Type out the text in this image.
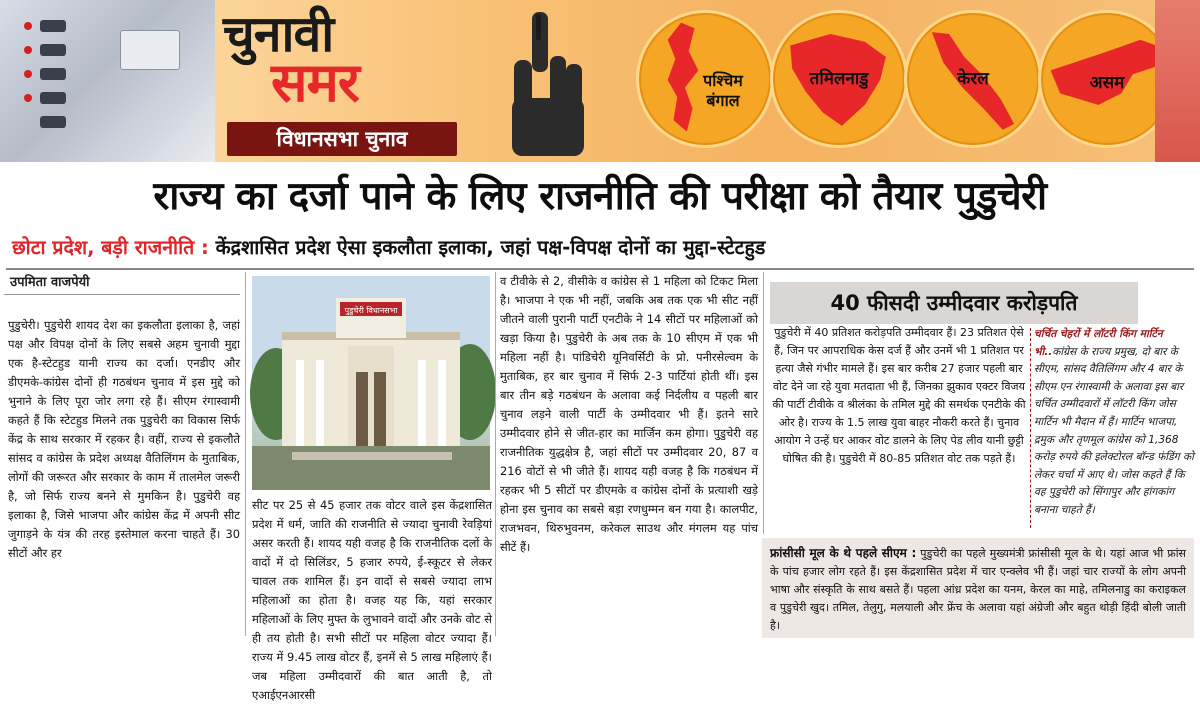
चुनावी
समर
विधानसभा चुनाव
पश्चिम
बंगाल
तमिलनाडु	केरल	असम
राज्य का दर्जा पाने के लिए राजनीति की परीक्षा को तैयार पुडुचेरी
छोटा प्रदेश, बड़ी राजनीति : केंद्रशासित प्रदेश ऐसा इकलौता इलाका, जहां पक्ष-विपक्ष दोनों का मुद्दा-स्टेटहुड
उपमिता वाजपेयी

पुडुचेरी। पुडुचेरी शायद देश का इकलौता इलाका है, जहां पक्ष और विपक्ष दोनों के लिए सबसे अहम चुनावी मुद्दा एक है-स्टेटहुड यानी राज्य का दर्जा। एनडीए और डीएमके-कांग्रेस दोनों ही गठबंधन चुनाव में इस मुद्दे को भुनाने के लिए पूरा जोर लगा रहे हैं। सीएम रंगास्वामी कहते हैं कि स्टेटहुड मिलने तक पुडुचेरी का विकास सिर्फ केंद्र के साथ सरकार में रहकर है। वहीं, राज्य से इकलौते सांसद व कांग्रेस के प्रदेश अध्यक्ष वैतिलिंगम के मुताबिक, लोगों की जरूरत और सरकार के काम में तालमेल जरूरी है, जो सिर्फ राज्य बनने से मुमकिन है। पुडुचेरी वह इलाका है, जिसे भाजपा और कांग्रेस केंद्र में अपनी सीट जुगाड़ने के यंत्र की तरह इस्तेमाल करना चाहते हैं। 30 सीटों और हर

पुडुचेरी विधानसभा

सीट पर 25 से 45 हजार तक वोटर वाले इस केंद्रशासित प्रदेश में धर्म, जाति की राजनीति से ज्यादा चुनावी रेवड़ियां असर करती हैं। शायद यही वजह है कि राजनीतिक दलों के वादों में दो सिलिंडर, 5 हजार रुपये, ई-स्कूटर से लेकर चावल तक शामिल हैं। इन वादों से सबसे ज्यादा लाभ महिलाओं का होता है। वजह यह कि, यहां सरकार महिलाओं के लिए मुफ्त के लुभावने वादों और उनके वोट से ही तय होती है। सभी सीटों पर महिला वोटर ज्यादा हैं। राज्य में 9.45 लाख वोटर हैं, इनमें से 5 लाख महिलाएं हैं। जब महिला उम्मीदवारों की बात आती है, तो एआईएनआरसी

व टीवीके से 2, वीसीके व कांग्रेस से 1 महिला को टिकट मिला है। भाजपा ने एक भी नहीं, जबकि अब तक एक भी सीट नहीं जीतने वाली पुरानी पार्टी एनटीके ने 14 सीटों पर महिलाओं को खड़ा किया है। पुडुचेरी के अब तक के 10 सीएम में एक भी महिला नहीं है। पांडिचेरी यूनिवर्सिटी के प्रो. पनीरसेल्वम के मुताबिक, हर बार चुनाव में सिर्फ 2-3 पार्टियां होती थीं। इस बार तीन बड़े गठबंधन के अलावा कई निर्दलीय व पहली बार चुनाव लड़ने वाली पार्टी के उम्मीदवार भी हैं। इतने सारे उम्मीदवार होने से जीत-हार का मार्जिन कम होगा। पुडुचेरी वह राजनीतिक युद्धक्षेत्र है, जहां सीटों पर उम्मीदवार 20, 87 व 216 वोटों से भी जीते हैं। शायद यही वजह है कि गठबंधन में रहकर भी 5 सीटों पर डीएमके व कांग्रेस दोनों के प्रत्याशी खड़े होना इस चुनाव का सबसे बड़ा रणधुम्मन बन गया है। कालपीट, राजभवन, थिरुभुवनम, करेकल साउथ और मंगलम यह पांच सीटें हैं।

40 फीसदी उम्मीदवार करोड़पति

पुडुचेरी में 40 प्रतिशत करोड़पति उम्मीदवार हैं। 23 प्रतिशत ऐसे हैं, जिन पर आपराधिक केस दर्ज हैं और उनमें भी 1 प्रतिशत पर हत्या जैसे गंभीर मामले हैं। इस बार करीब 27 हजार पहली बार वोट देने जा रहे युवा मतदाता भी हैं, जिनका झुकाव एक्टर विजय की पार्टी टीवीके व श्रीलंका के तमिल मुद्दे की समर्थक एनटीके की ओर है। राज्य के 1.5 लाख युवा बाहर नौकरी करते हैं। चुनाव आयोग ने उन्हें घर आकर वोट डालने के लिए पेड लीव यानी छुट्टी घोषित की है। पुडुचेरी में 80-85 प्रतिशत वोट तक पड़ते हैं।

चर्चित चेहरों में लॉटरी किंग मार्टिन भी..कांग्रेस के राज्य प्रमुख, दो बार के सीएम, सांसद वैतिलिंगम और 4 बार के सीएम एन रंगास्वामी के अलावा इस बार चर्चित उम्मीदवारों में लॉटरी किंग जोस मार्टिन भी मैदान में हैं। मार्टिन भाजपा, द्रमुक और तृणमूल कांग्रेस को 1,368 करोड़ रुपये की इलेक्टोरल बॉन्ड फंडिंग को लेकर चर्चा में आए थे। जोस कहते हैं कि वह पुडुचेरी को सिंगापुर और हांगकांग बनाना चाहते हैं।
फ्रांसीसी मूल के थे पहले सीएम : पुडुचेरी का पहले मुख्यमंत्री फ्रांसीसी मूल के थे। यहां आज भी फ्रांस के पांच हजार लोग रहते हैं। इस केंद्रशासित प्रदेश में चार एन्क्लेव भी हैं। जहां चार राज्यों के लोग अपनी भाषा और संस्कृति के साथ बसते हैं। पहला आंध्र प्रदेश का यनम, केरल का माहे, तमिलनाडु का कराइकल व पुडुचेरी खुद। तमिल, तेलुगु, मलयाली और फ्रेंच के अलावा यहां अंग्रेजी और बहुत थोड़ी हिंदी बोली जाती है।
